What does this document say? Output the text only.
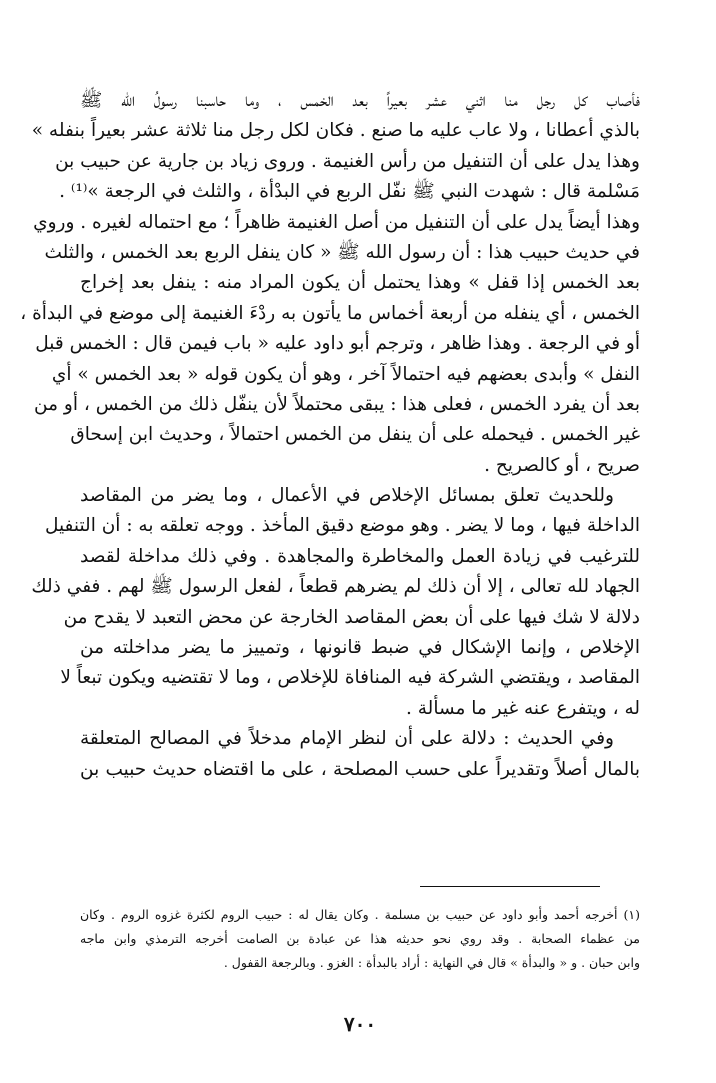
فأصاب كل رجل منا اثني عشر بعيراً بعد الخمس ، وما حاسبنا رسولُ الله ﷺ
بالذي أعطانا ، ولا عاب عليه ما صنع . فكان لكل رجل منا ثلاثة عشر بعيراً بنفله »
وهذا يدل على أن التنفيل من رأس الغنيمة . وروى زياد بن جارية عن حبيب بن
مَسْلمة قال : شهدت النبي ﷺ نفّل الربع في البدْأة ، والثلث في الرجعة »⁽¹⁾ .
وهذا أيضاً يدل على أن التنفيل من أصل الغنيمة ظاهراً ؛ مع احتماله لغيره . وروي
في حديث حبيب هذا : أن رسول الله ﷺ « كان ينفل الربع بعد الخمس ، والثلث
بعد الخمس إذا قفل » وهذا يحتمل أن يكون المراد منه : ينفل بعد إخراج
الخمس ، أي ينفله من أربعة أخماس ما يأتون به ردْءَ الغنيمة إلى موضع في البدأة ،
أو في الرجعة . وهذا ظاهر ، وترجم أبو داود عليه « باب فيمن قال : الخمس قبل
النفل » وأبدى بعضهم فيه احتمالاً آخر ، وهو أن يكون قوله « بعد الخمس » أي
بعد أن يفرد الخمس ، فعلى هذا : يبقى محتملاً لأن ينفّل ذلك من الخمس ، أو من
غير الخمس . فيحمله على أن ينفل من الخمس احتمالاً ، وحديث ابن إسحاق
صريح ، أو كالصريح .
وللحديث تعلق بمسائل الإخلاص في الأعمال ، وما يضر من المقاصد
الداخلة فيها ، وما لا يضر . وهو موضع دقيق المأخذ . ووجه تعلقه به : أن التنفيل
للترغيب في زيادة العمل والمخاطرة والمجاهدة . وفي ذلك مداخلة لقصد
الجهاد لله تعالى ، إلا أن ذلك لم يضرهم قطعاً ، لفعل الرسول ﷺ لهم . ففي ذلك
دلالة لا شك فيها على أن بعض المقاصد الخارجة عن محض التعبد لا يقدح من
الإخلاص ، وإنما الإشكال في ضبط قانونها ، وتمييز ما يضر مداخلته من
المقاصد ، ويقتضي الشركة فيه المنافاة للإخلاص ، وما لا تقتضيه ويكون تبعاً لا
له ، ويتفرع عنه غير ما مسألة .
وفي الحديث : دلالة على أن لنظر الإمام مدخلاً في المصالح المتعلقة
بالمال أصلاً وتقديراً على حسب المصلحة ، على ما اقتضاه حديث حبيب بن
(١) أخرجه أحمد وأبو داود عن حبيب بن مسلمة . وكان يقال له : حبيب الروم لكثرة غزوه الروم . وكان
من عظماء الصحابة . وقد روي نحو حديثه هذا عن عبادة بن الصامت أخرجه الترمذي وابن ماجه
وابن حبان . و « والبدأة » قال في النهاية : أراد بالبدأة : الغزو . وبالرجعة القفول .
٧٠٠
